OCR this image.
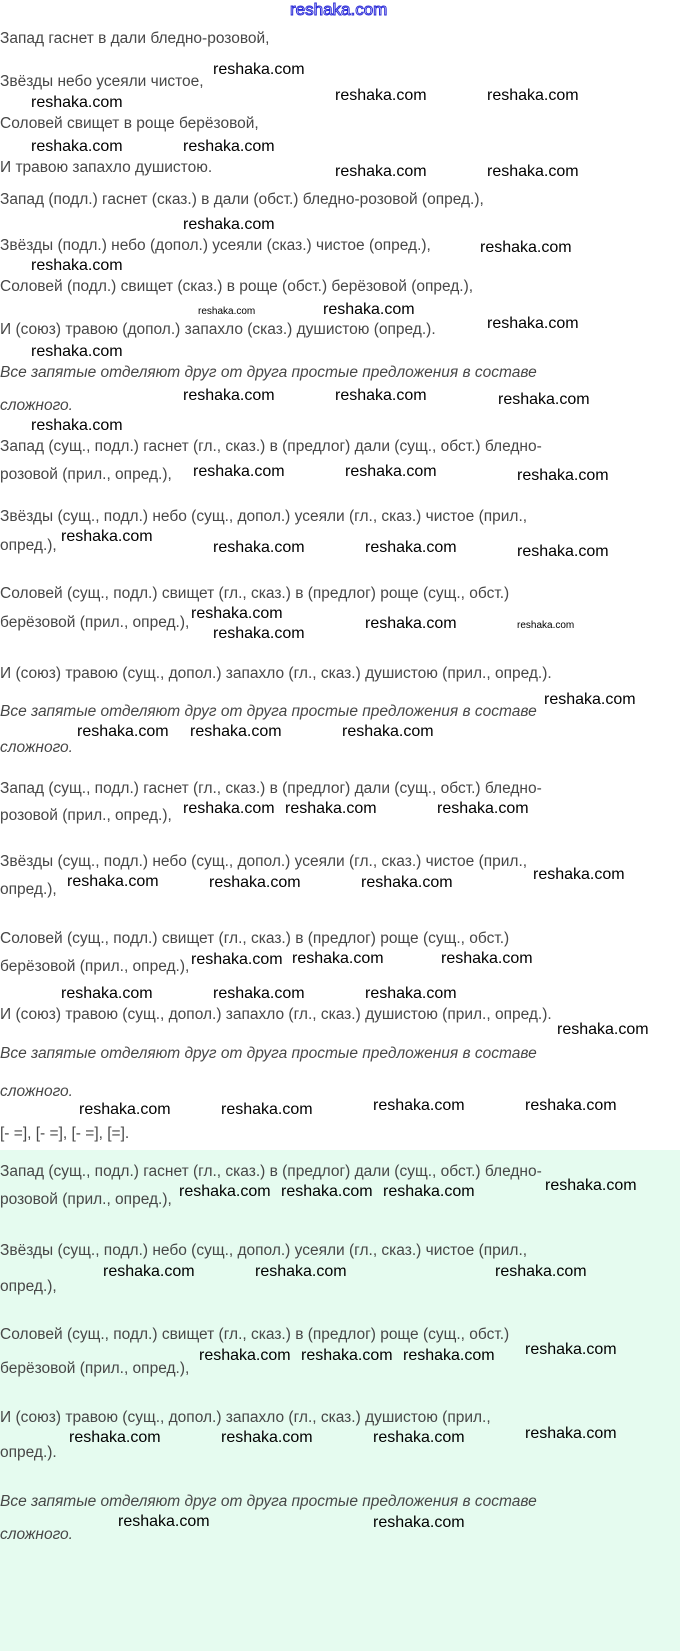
reshaka.com
Запад гаснет в дали бледно-розовой,
Звёзды небо усеяли чистое,
Соловей свищет в роще берёзовой,
И травою запахло душистою.
Запад (подл.) гаснет (сказ.) в дали (обст.) бледно-розовой (опред.),
Звёзды (подл.) небо (допол.) усеяли (сказ.) чистое (опред.),
Соловей (подл.) свищет (сказ.) в роще (обст.) берёзовой (опред.),
И (союз) травою (допол.) запахло (сказ.) душистою (опред.).
Все запятые отделяют друг от друга простые предложения в составе
сложного.
Запад (сущ., подл.) гаснет (гл., сказ.) в (предлог) дали (сущ., обст.) бледно-
розовой (прил., опред.),
Звёзды (сущ., подл.) небо (сущ., допол.) усеяли (гл., сказ.) чистое (прил.,
опред.),
Соловей (сущ., подл.) свищет (гл., сказ.) в (предлог) роще (сущ., обст.)
берёзовой (прил., опред.),
И (союз) травою (сущ., допол.) запахло (гл., сказ.) душистою (прил., опред.).
Все запятые отделяют друг от друга простые предложения в составе
сложного.
Запад (сущ., подл.) гаснет (гл., сказ.) в (предлог) дали (сущ., обст.) бледно-
розовой (прил., опред.),
Звёзды (сущ., подл.) небо (сущ., допол.) усеяли (гл., сказ.) чистое (прил.,
опред.),
Соловей (сущ., подл.) свищет (гл., сказ.) в (предлог) роще (сущ., обст.)
берёзовой (прил., опред.),
И (союз) травою (сущ., допол.) запахло (гл., сказ.) душистою (прил., опред.).
Все запятые отделяют друг от друга простые предложения в составе
сложного.
[- =], [- =], [- =], [=].
Запад (сущ., подл.) гаснет (гл., сказ.) в (предлог) дали (сущ., обст.) бледно-
розовой (прил., опред.),
Звёзды (сущ., подл.) небо (сущ., допол.) усеяли (гл., сказ.) чистое (прил.,
опред.),
Соловей (сущ., подл.) свищет (гл., сказ.) в (предлог) роще (сущ., обст.)
берёзовой (прил., опред.),
И (союз) травою (сущ., допол.) запахло (гл., сказ.) душистою (прил.,
опред.).
Все запятые отделяют друг от друга простые предложения в составе
сложного.
reshaka.com
reshaka.com	reshaka.com	reshaka.com
reshaka.com
reshaka.com
reshaka.com	reshaka.com
reshaka.com
reshaka.com
reshaka.com
reshaka.com	reshaka.com
reshaka.com
reshaka.com
reshaka.com	reshaka.com	reshaka.com
reshaka.com
reshaka.com	reshaka.com	reshaka.com
reshaka.com
reshaka.com	reshaka.com	reshaka.com
reshaka.com
reshaka.com
reshaka.com	reshaka.com
reshaka.com reshaka.com	reshaka.com
reshaka.com
reshaka.com reshaka.com	reshaka.com
reshaka.com	reshaka.com	reshaka.com
reshaka.com
reshaka.com reshaka.com	reshaka.com
reshaka.com	reshaka.com	reshaka.com
reshaka.com
reshaka.com	reshaka.com	reshaka.com	reshaka.com
reshaka.com reshaka.com reshaka.com	reshaka.com
reshaka.com	reshaka.com	reshaka.com
reshaka.com reshaka.com reshaka.com reshaka.com
reshaka.com	reshaka.com	reshaka.com	reshaka.com
reshaka.com	reshaka.com
